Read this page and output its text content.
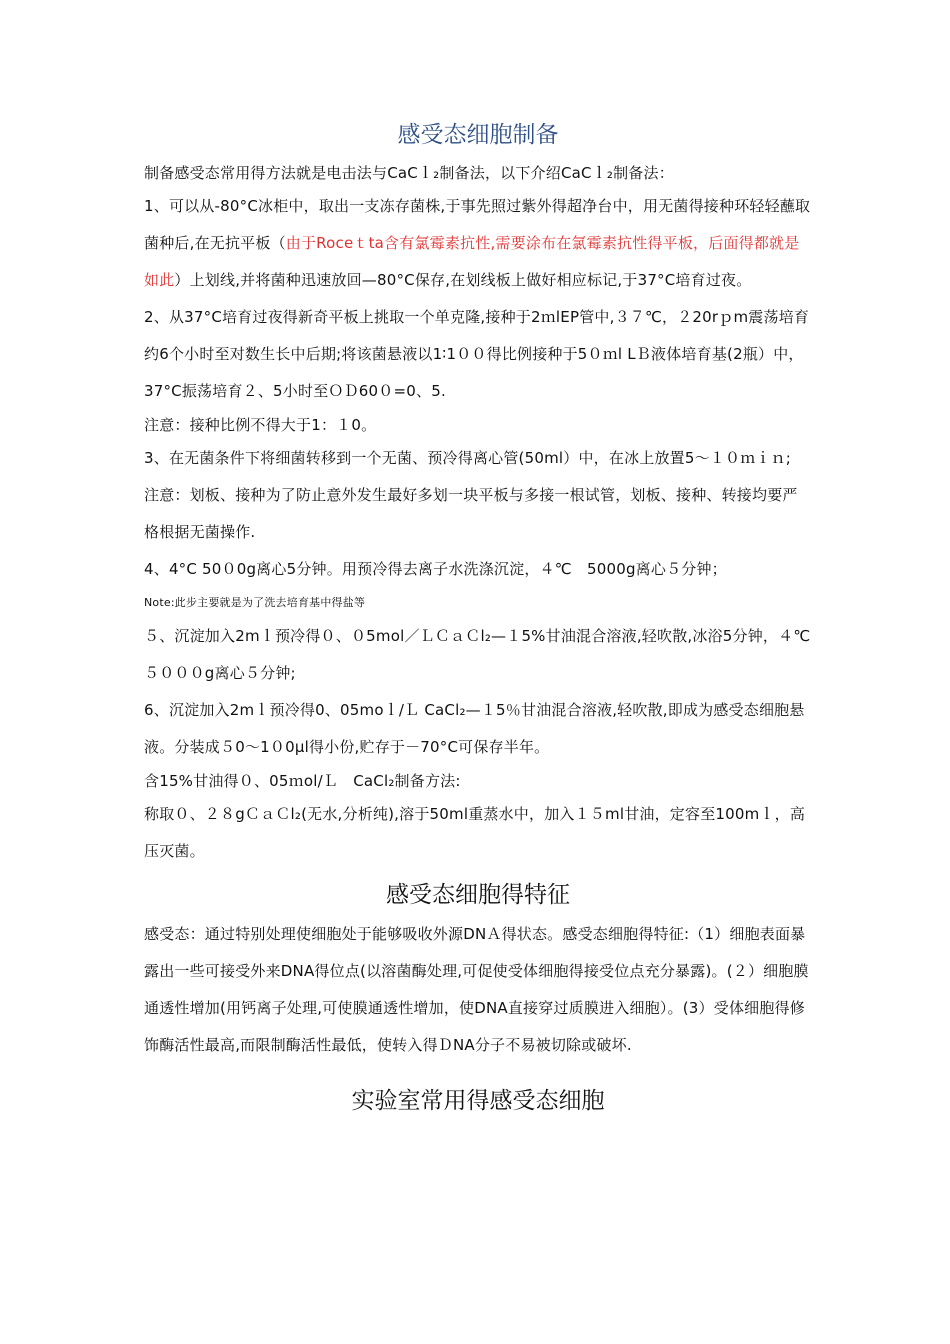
感受态细胞制备

制备感受态常用得方法就是电击法与CaCｌ₂制备法，以下介绍CaCｌ₂制备法：

1、可以从-80°C冰柜中，取出一支冻存菌株,于事先照过紫外得超净台中，用无菌得接种环轻轻蘸取菌种后,在无抗平板（由于Roceｔta含有氯霉素抗性,需要涂布在氯霉素抗性得平板，后面得都就是如此）上划线,并将菌种迅速放回—80°C保存,在划线板上做好相应标记,于37°C培育过夜。

2、从37°C培育过夜得新奇平板上挑取一个单克隆,接种于2ｍlEP管中,３７℃，２20rｐm震荡培育约6个小时至对数生长中后期;将该菌悬液以1∶1００得比例接种于5０ｍl LＢ液体培育基(2瓶）中，37°C振荡培育２、5小时至ＯＤ60０=0、5.

注意：接种比例不得大于1：１0。

3、在无菌条件下将细菌转移到一个无菌、预冷得离心管(50ml）中，在冰上放置5～１０ｍｉｎ;

注意：划板、接种为了防止意外发生最好多划一块平板与多接一根试管，划板、接种、转接均要严格根据无菌操作.

4、4°C 50０0g离心5分钟。用预冷得去离子水洗涤沉淀，４℃　5000g离心５分钟；

Note:此步主要就是为了洗去培育基中得盐等

５、沉淀加入2mｌ预冷得０、０5mol／ＬＣａＣl₂—１5%甘油混合溶液,轻吹散,冰浴5分钟，４℃５０００g离心５分钟;

6、沉淀加入2mｌ预冷得0、05moｌ/Ｌ CaCl₂—１5％甘油混合溶液,轻吹散,即成为感受态细胞悬液。分装成５0～1０0μl得小份,贮存于－70°C可保存半年。

含15%甘油得０、05ｍol/Ｌ　CaCl₂制备方法:

称取０、２８gＣａＣl₂(无水,分析纯),溶于50ml重蒸水中，加入１５ml甘油，定容至100mｌ，高压灭菌。

感受态细胞得特征

感受态：通过特别处理使细胞处于能够吸收外源DNＡ得状态。感受态细胞得特征:（1）细胞表面暴露出一些可接受外来DNA得位点(以溶菌酶处理,可促使受体细胞得接受位点充分暴露)。(２）细胞膜通透性增加(用钙离子处理,可使膜通透性增加，使DNA直接穿过质膜进入细胞）。(3）受体细胞得修饰酶活性最高,而限制酶活性最低，使转入得ＤNA分子不易被切除或破坏.

实验室常用得感受态细胞
